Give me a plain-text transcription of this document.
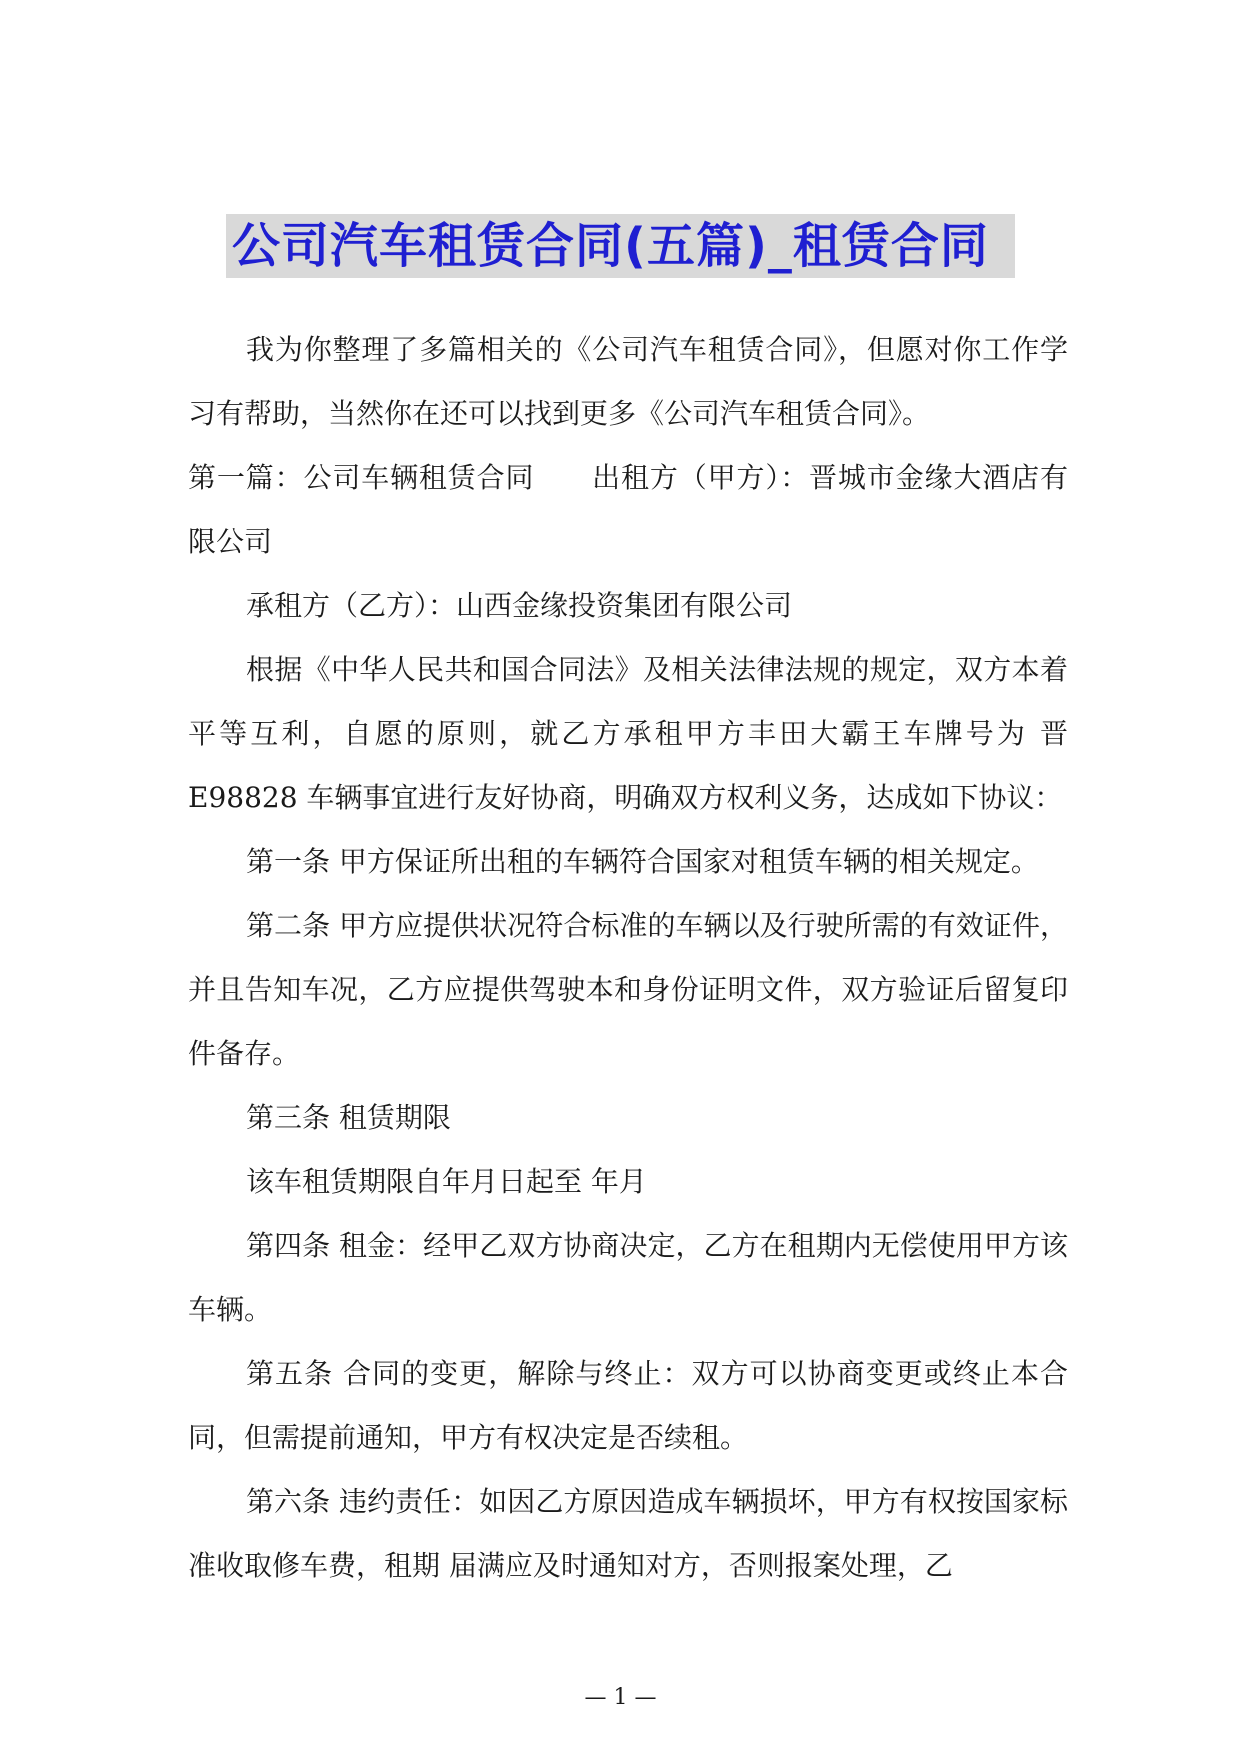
公司汽车租赁合同(五篇)_租赁合同

我为你整理了多篇相关的《公司汽车租赁合同》，但愿对你工作学习有帮助，当然你在还可以找到更多《公司汽车租赁合同》。

第一篇：公司车辆租赁合同　　出租方（甲方）：晋城市金缘大酒店有限公司

承租方（乙方）：山西金缘投资集团有限公司

根据《中华人民共和国合同法》及相关法律法规的规定，双方本着平等互利，自愿的原则，就乙方承租甲方丰田大霸王车牌号为 晋E98828 车辆事宜进行友好协商，明确双方权利义务，达成如下协议：

第一条 甲方保证所出租的车辆符合国家对租赁车辆的相关规定。

第二条 甲方应提供状况符合标准的车辆以及行驶所需的有效证件，并且告知车况，乙方应提供驾驶本和身份证明文件，双方验证后留复印件备存。

第三条 租赁期限

该车租赁期限自年月日起至 年月

第四条 租金：经甲乙双方协商决定，乙方在租期内无偿使用甲方该车辆。

第五条 合同的变更，解除与终止：双方可以协商变更或终止本合同，但需提前通知，甲方有权决定是否续租。

第六条 违约责任：如因乙方原因造成车辆损坏，甲方有权按国家标准收取修车费，租期 届满应及时通知对方，否则报案处理，乙

— 1 —
